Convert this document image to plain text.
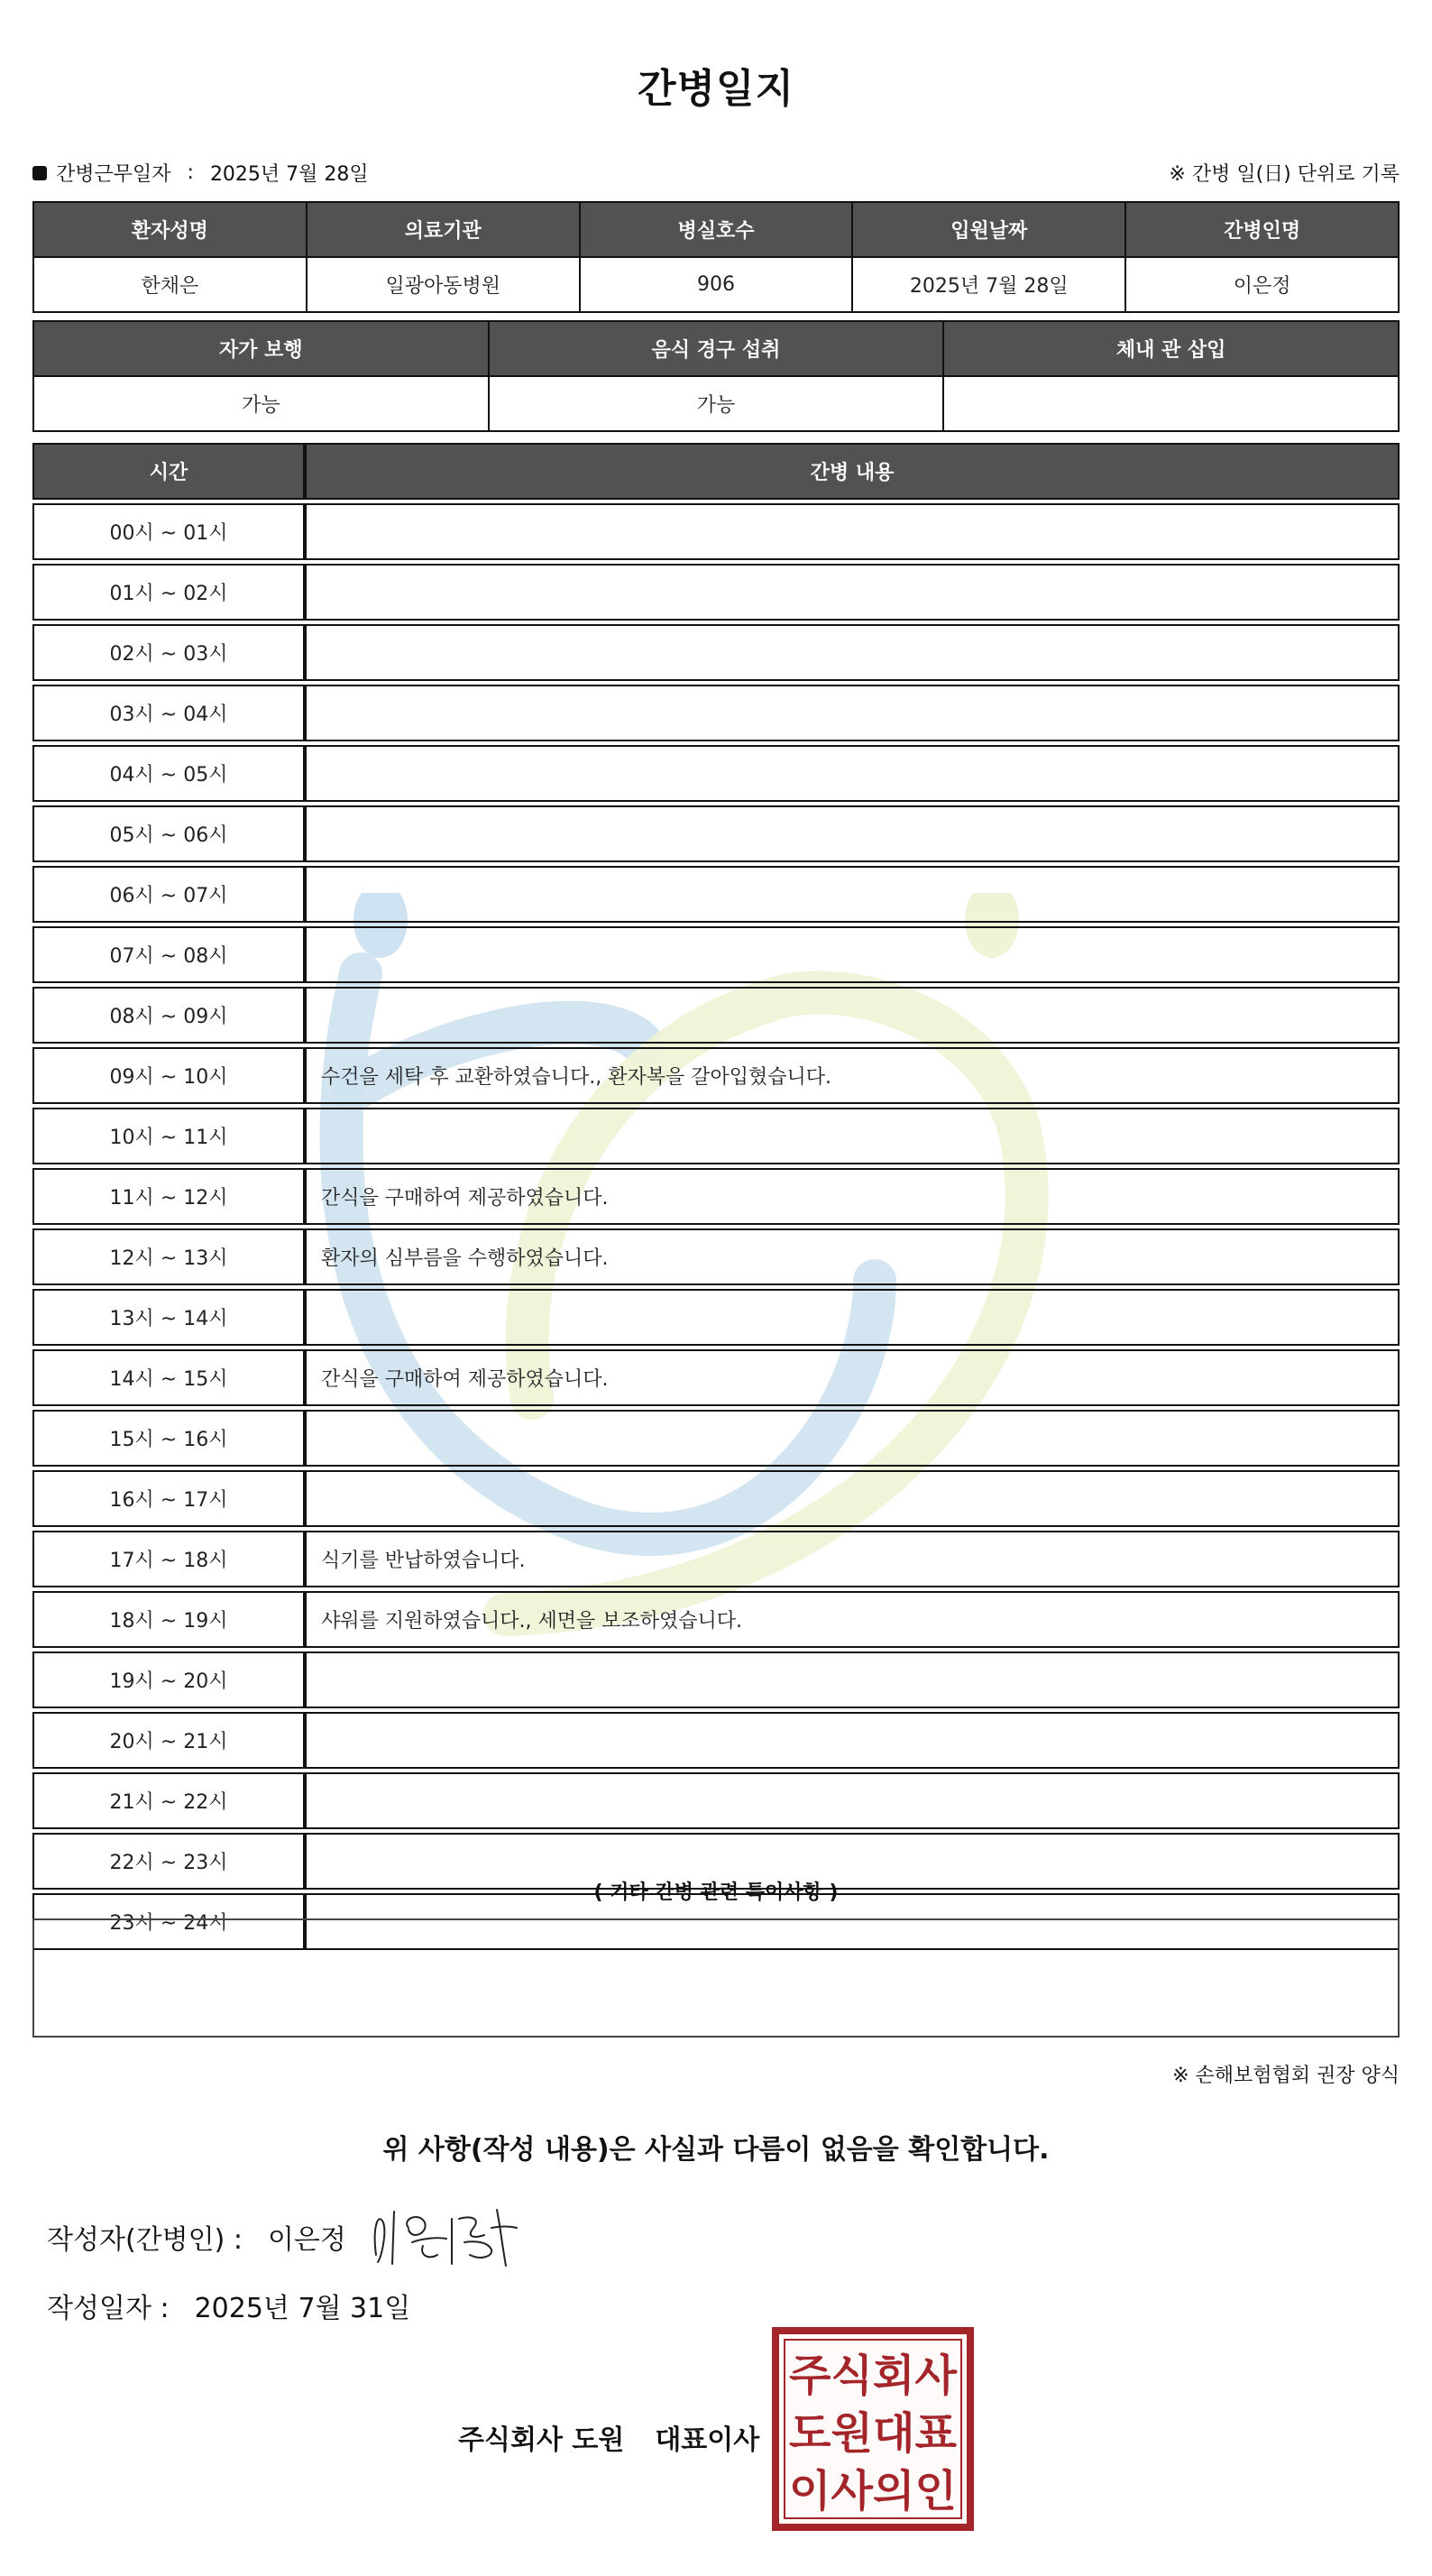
간병일지
간병근무일자 : 2025년 7월 28일	※ 간병 일(日) 단위로 기록
환자성명	의료기관	병실호수	입원날짜	간병인명
한채은	일광아동병원	906	2025년 7월 28일	이은정
자가 보행	음식 경구 섭취	체내 관 삽입
가능	가능	
시간	간병 내용
00시 ~ 01시	
01시 ~ 02시	
02시 ~ 03시	
03시 ~ 04시	
04시 ~ 05시	
05시 ~ 06시	
06시 ~ 07시	
07시 ~ 08시	
08시 ~ 09시	
09시 ~ 10시	수건을 세탁 후 교환하였습니다., 환자복을 갈아입혔습니다.
10시 ~ 11시	
11시 ~ 12시	간식을 구매하여 제공하였습니다.
12시 ~ 13시	환자의 심부름을 수행하였습니다.
13시 ~ 14시	
14시 ~ 15시	간식을 구매하여 제공하였습니다.
15시 ~ 16시	
16시 ~ 17시	
17시 ~ 18시	식기를 반납하였습니다.
18시 ~ 19시	샤워를 지원하였습니다., 세면을 보조하였습니다.
19시 ~ 20시	
20시 ~ 21시	
21시 ~ 22시	
22시 ~ 23시	
23시 ~ 24시	
( 기타 간병 관련 특이사항 )
※ 손해보험협회 권장 양식
위 사항(작성 내용)은 사실과 다름이 없음을 확인합니다.
작성자(간병인) : 이은정
작성일자 : 2025년 7월 31일
주식회사 도원 대표이사
주식회사
도원대표
이사의인
